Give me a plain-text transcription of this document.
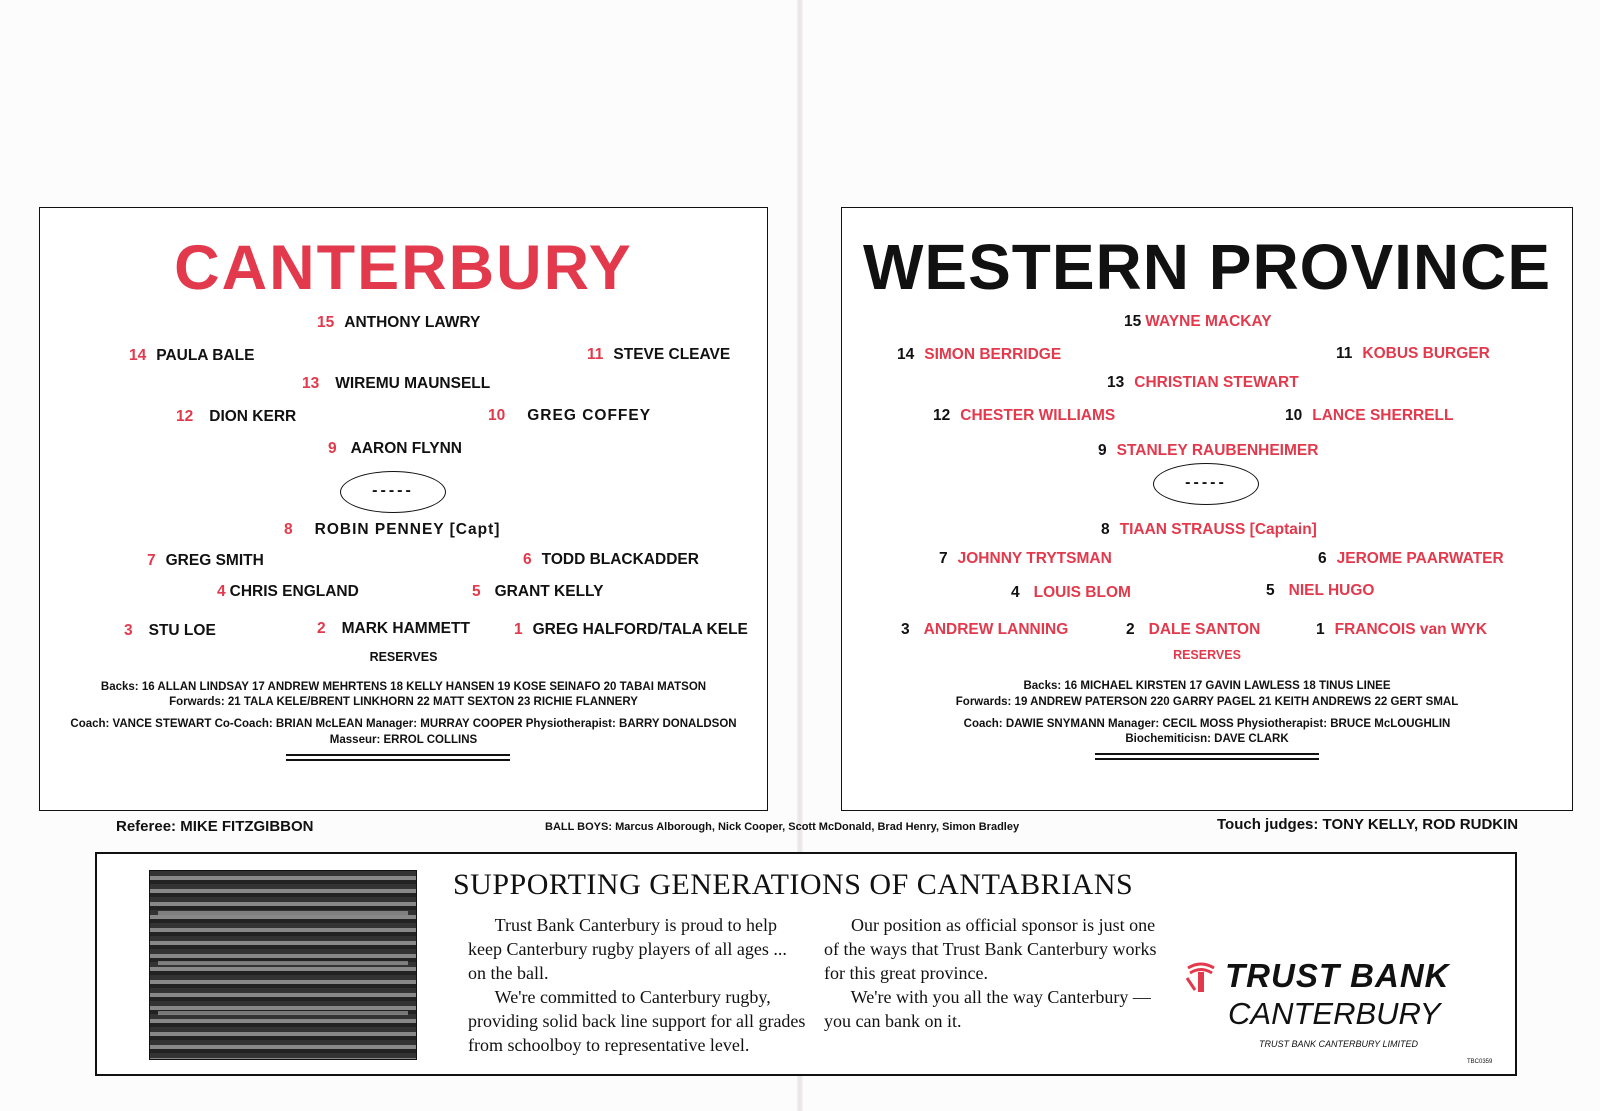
CANTERBURY
15 ANTHONY LAWRY
14 PAULA BALE	11 STEVE CLEAVE
13 WIREMU MAUNSELL
12 DION KERR	10 GREG COFFEY
9 AARON FLYNN
-----
8 ROBIN PENNEY [Capt]
7 GREG SMITH	6 TODD BLACKADDER
4 CHRIS ENGLAND	5 GRANT KELLY
3 STU LOE	2 MARK HAMMETT	1 GREG HALFORD/TALA KELE
RESERVES
Backs: 16 ALLAN LINDSAY 17 ANDREW MEHRTENS 18 KELLY HANSEN 19 KOSE SEINAFO 20 TABAI MATSON
Forwards: 21 TALA KELE/BRENT LINKHORN 22 MATT SEXTON 23 RICHIE FLANNERY
Coach: VANCE STEWART Co-Coach: BRIAN McLEAN Manager: MURRAY COOPER Physiotherapist: BARRY DONALDSON
Masseur: ERROL COLLINS
WESTERN PROVINCE
15 WAYNE MACKAY
14 SIMON BERRIDGE	11 KOBUS BURGER
13 CHRISTIAN STEWART
12 CHESTER WILLIAMS	10 LANCE SHERRELL
9 STANLEY RAUBENHEIMER
-----
8 TIAAN STRAUSS [Captain]
7 JOHNNY TRYTSMAN	6 JEROME PAARWATER
4 LOUIS BLOM	5 NIEL HUGO
3 ANDREW LANNING	2 DALE SANTON	1 FRANCOIS van WYK
RESERVES
Backs: 16 MICHAEL KIRSTEN 17 GAVIN LAWLESS 18 TINUS LINEE
Forwards: 19 ANDREW PATERSON 220 GARRY PAGEL 21 KEITH ANDREWS 22 GERT SMAL
Coach: DAWIE SNYMANN Manager: CECIL MOSS Physiotherapist: BRUCE McLOUGHLIN
Biochemiticisn: DAVE CLARK
Referee: MIKE FITZGIBBON	BALL BOYS: Marcus Alborough, Nick Cooper, Scott McDonald, Brad Henry, Simon Bradley	Touch judges: TONY KELLY, ROD RUDKIN
SUPPORTING GENERATIONS OF CANTABRIANS
Trust Bank Canterbury is proud to help
keep Canterbury rugby players of all ages ...
on the ball.
We're committed to Canterbury rugby,
providing solid back line support for all grades
from schoolboy to representative level.
Our position as official sponsor is just one
of the ways that Trust Bank Canterbury works
for this great province.
We're with you all the way Canterbury —
you can bank on it.
TRUST BANK
CANTERBURY
TRUST BANK CANTERBURY LIMITED
TBC0359
